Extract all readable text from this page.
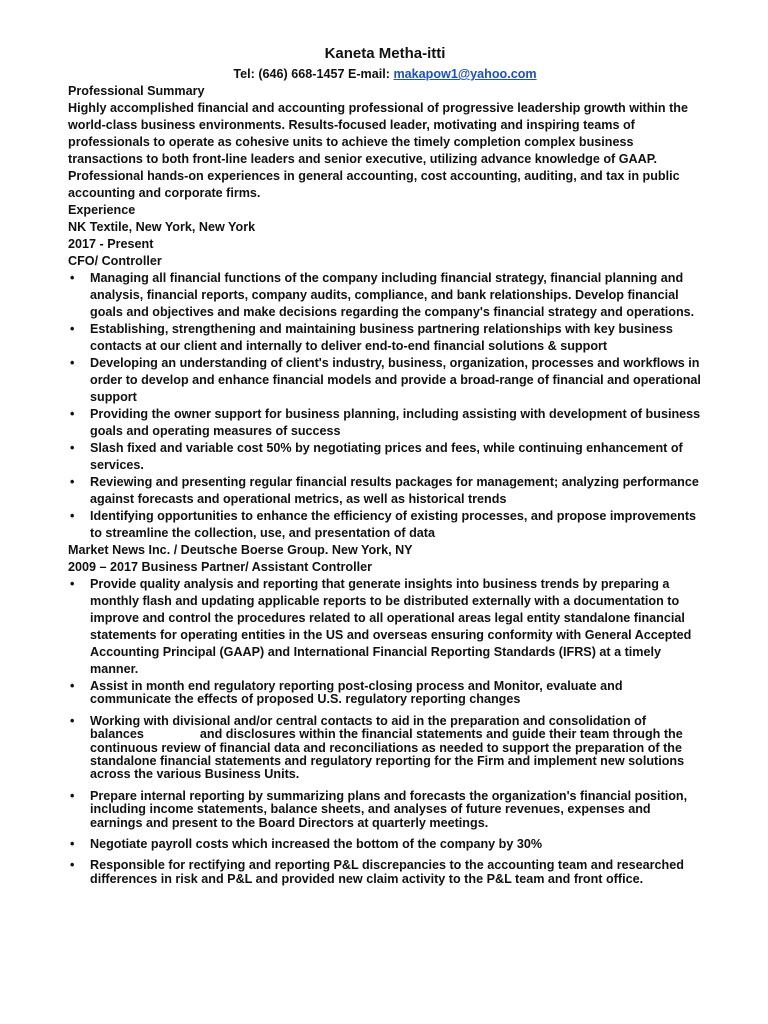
Kaneta Metha-itti
Tel: (646) 668-1457 E-mail: makapow1@yahoo.com
Professional Summary
Highly accomplished financial and accounting professional of progressive leadership growth within the world-class business environments. Results-focused leader, motivating and inspiring teams of professionals to operate as cohesive units to achieve the timely completion complex business transactions to both front-line leaders and senior executive, utilizing advance knowledge of GAAP. Professional hands-on experiences in general accounting, cost accounting, auditing, and tax in public accounting and corporate firms.
Experience
NK Textile, New York, New York
2017 - Present
CFO/ Controller
• Managing all financial functions of the company including financial strategy, financial planning and analysis, financial reports, company audits, compliance, and bank relationships. Develop financial goals and objectives and make decisions regarding the company's financial strategy and operations.
• Establishing, strengthening and maintaining business partnering relationships with key business contacts at our client and internally to deliver end-to-end financial solutions & support
• Developing an understanding of client's industry, business, organization, processes and workflows in order to develop and enhance financial models and provide a broad-range of financial and operational support
• Providing the owner support for business planning, including assisting with development of business goals and operating measures of success
• Slash fixed and variable cost 50% by negotiating prices and fees, while continuing enhancement of services.
• Reviewing and presenting regular financial results packages for management; analyzing performance against forecasts and operational metrics, as well as historical trends
• Identifying opportunities to enhance the efficiency of existing processes, and propose improvements to streamline the collection, use, and presentation of data
Market News Inc. / Deutsche Boerse Group. New York, NY
2009 – 2017 Business Partner/ Assistant Controller
• Provide quality analysis and reporting that generate insights into business trends by preparing a monthly flash and updating applicable reports to be distributed externally with a documentation to improve and control the procedures related to all operational areas legal entity standalone financial statements for operating entities in the US and overseas ensuring conformity with General Accepted Accounting Principal (GAAP) and International Financial Reporting Standards (IFRS) at a timely manner.
• Assist in month end regulatory reporting post-closing process and Monitor, evaluate and communicate the effects of proposed U.S. regulatory reporting changes
• Working with divisional and/or central contacts to aid in the preparation and consolidation of balances                and disclosures within the financial statements and guide their team through the continuous review of financial data and reconciliations as needed to support the preparation of the standalone financial statements and regulatory reporting for the Firm and implement new solutions across the various Business Units.
• Prepare internal reporting by summarizing plans and forecasts the organization's financial position, including income statements, balance sheets, and analyses of future revenues, expenses and earnings and present to the Board Directors at quarterly meetings.
• Negotiate payroll costs which increased the bottom of the company by 30%
• Responsible for rectifying and reporting P&L discrepancies to the accounting team and researched differences in risk and P&L and provided new claim activity to the P&L team and front office.
